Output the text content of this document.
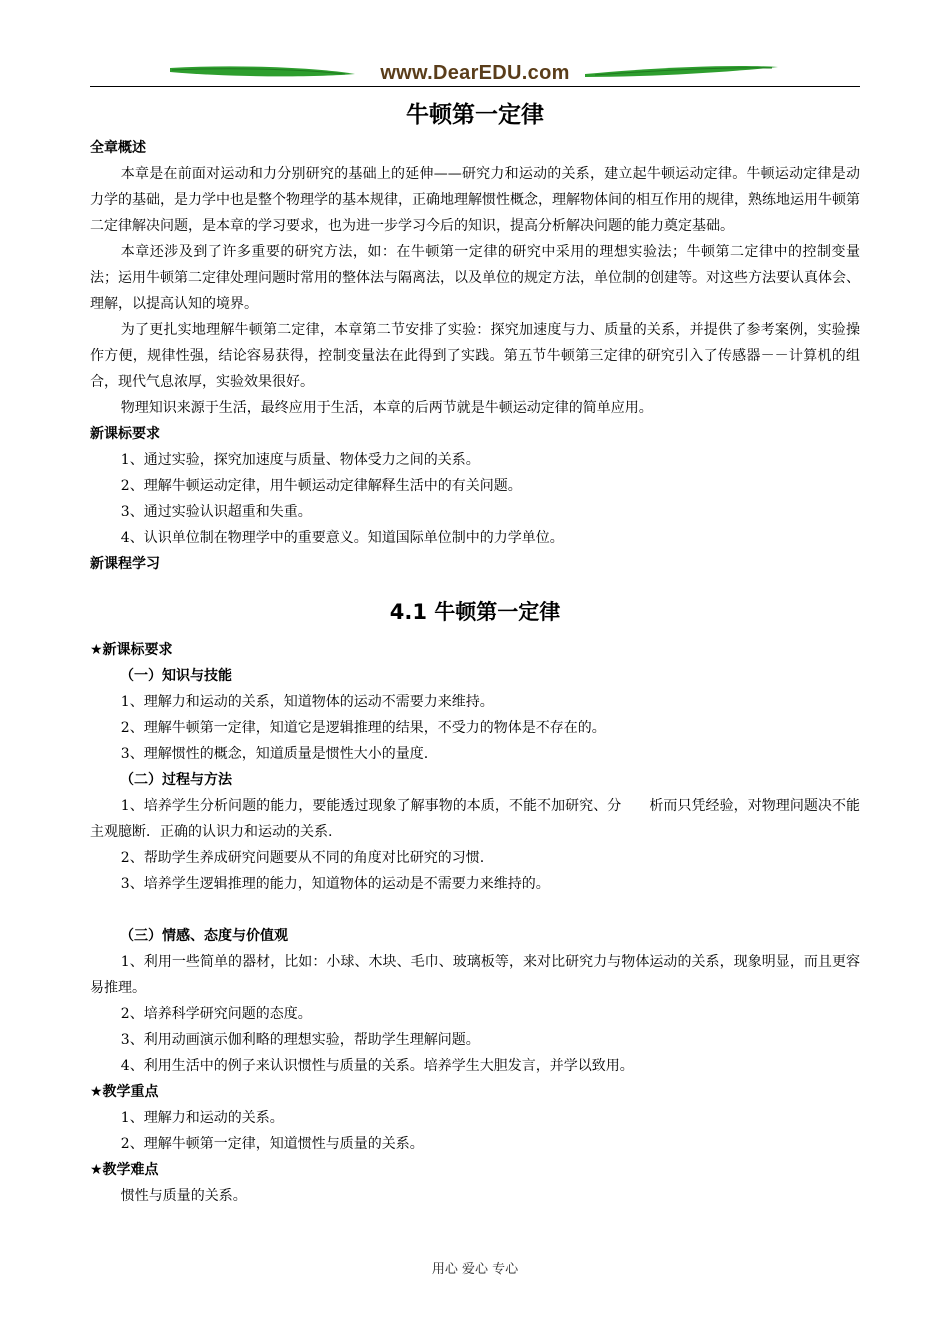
www.DearEDU.com
牛顿第一定律
全章概述

本章是在前面对运动和力分别研究的基础上的延伸——研究力和运动的关系，建立起牛顿运动定律。牛顿运动定律是动力学的基础，是力学中也是整个物理学的基本规律，正确地理解惯性概念，理解物体间的相互作用的规律，熟练地运用牛顿第二定律解决问题，是本章的学习要求，也为进一步学习今后的知识，提高分析解决问题的能力奠定基础。

本章还涉及到了许多重要的研究方法，如：在牛顿第一定律的研究中采用的理想实验法；牛顿第二定律中的控制变量法；运用牛顿第二定律处理问题时常用的整体法与隔离法，以及单位的规定方法，单位制的创建等。对这些方法要认真体会、理解，以提高认知的境界。

为了更扎实地理解牛顿第二定律，本章第二节安排了实验：探究加速度与力、质量的关系，并提供了参考案例，实验操作方便，规律性强，结论容易获得，控制变量法在此得到了实践。第五节牛顿第三定律的研究引入了传感器－－计算机的组合，现代气息浓厚，实验效果很好。

物理知识来源于生活，最终应用于生活，本章的后两节就是牛顿运动定律的简单应用。

新课标要求

1、通过实验，探究加速度与质量、物体受力之间的关系。

2、理解牛顿运动定律，用牛顿运动定律解释生活中的有关问题。

3、通过实验认识超重和失重。

4、认识单位制在物理学中的重要意义。知道国际单位制中的力学单位。

新课程学习
4.1 牛顿第一定律
★新课标要求
（一）知识与技能

1、理解力和运动的关系，知道物体的运动不需要力来维持。

2、理解牛顿第一定律，知道它是逻辑推理的结果，不受力的物体是不存在的。

3、理解惯性的概念，知道质量是惯性大小的量度.

（二）过程与方法

1、培养学生分析问题的能力，要能透过现象了解事物的本质，不能不加研究、分　　析而只凭经验，对物理问题决不能主观臆断．正确的认识力和运动的关系.

2、帮助学生养成研究问题要从不同的角度对比研究的习惯.

3、培养学生逻辑推理的能力，知道物体的运动是不需要力来维持的。

（三）情感、态度与价值观

1、利用一些简单的器材，比如：小球、木块、毛巾、玻璃板等，来对比研究力与物体运动的关系，现象明显，而且更容易推理。

2、培养科学研究问题的态度。

3、利用动画演示伽利略的理想实验，帮助学生理解问题。

4、利用生活中的例子来认识惯性与质量的关系。培养学生大胆发言，并学以致用。

★教学重点

1、理解力和运动的关系。

2、理解牛顿第一定律，知道惯性与质量的关系。

★教学难点

惯性与质量的关系。

用心 爱心 专心
